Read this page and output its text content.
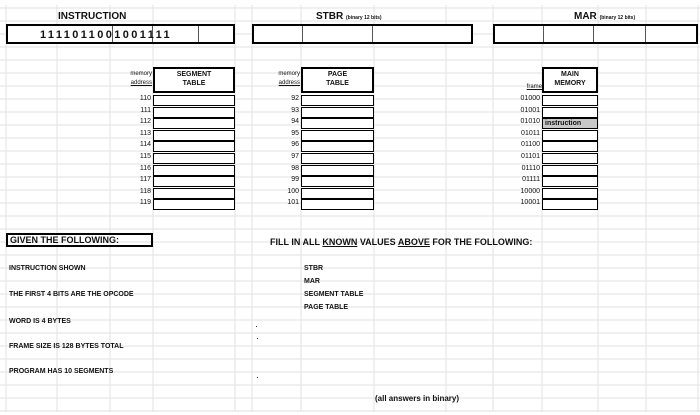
INSTRUCTION	STBR (binary 12 bits)	MAR (binary 12 bits)
1111011001001111
memory
address
SEGMENT
TABLE
110
111
112
113
114
115
116
117
118
119
memory
address
PAGE
TABLE
92
93
94
95
96
97
98
99
100
101
frame
MAIN
MEMORY
01000
01001
01010 instruction
01011
01100
01101
01110
01111
10000
10001
GIVEN THE FOLLOWING:
INSTRUCTION SHOWN
THE FIRST 4 BITS ARE THE OPCODE
WORD IS 4 BYTES
FRAME SIZE IS 128 BYTES TOTAL
PROGRAM HAS 10 SEGMENTS
FILL IN ALL KNOWN VALUES ABOVE FOR THE FOLLOWING:
STBR
MAR
SEGMENT TABLE
PAGE TABLE
(all answers in binary)
